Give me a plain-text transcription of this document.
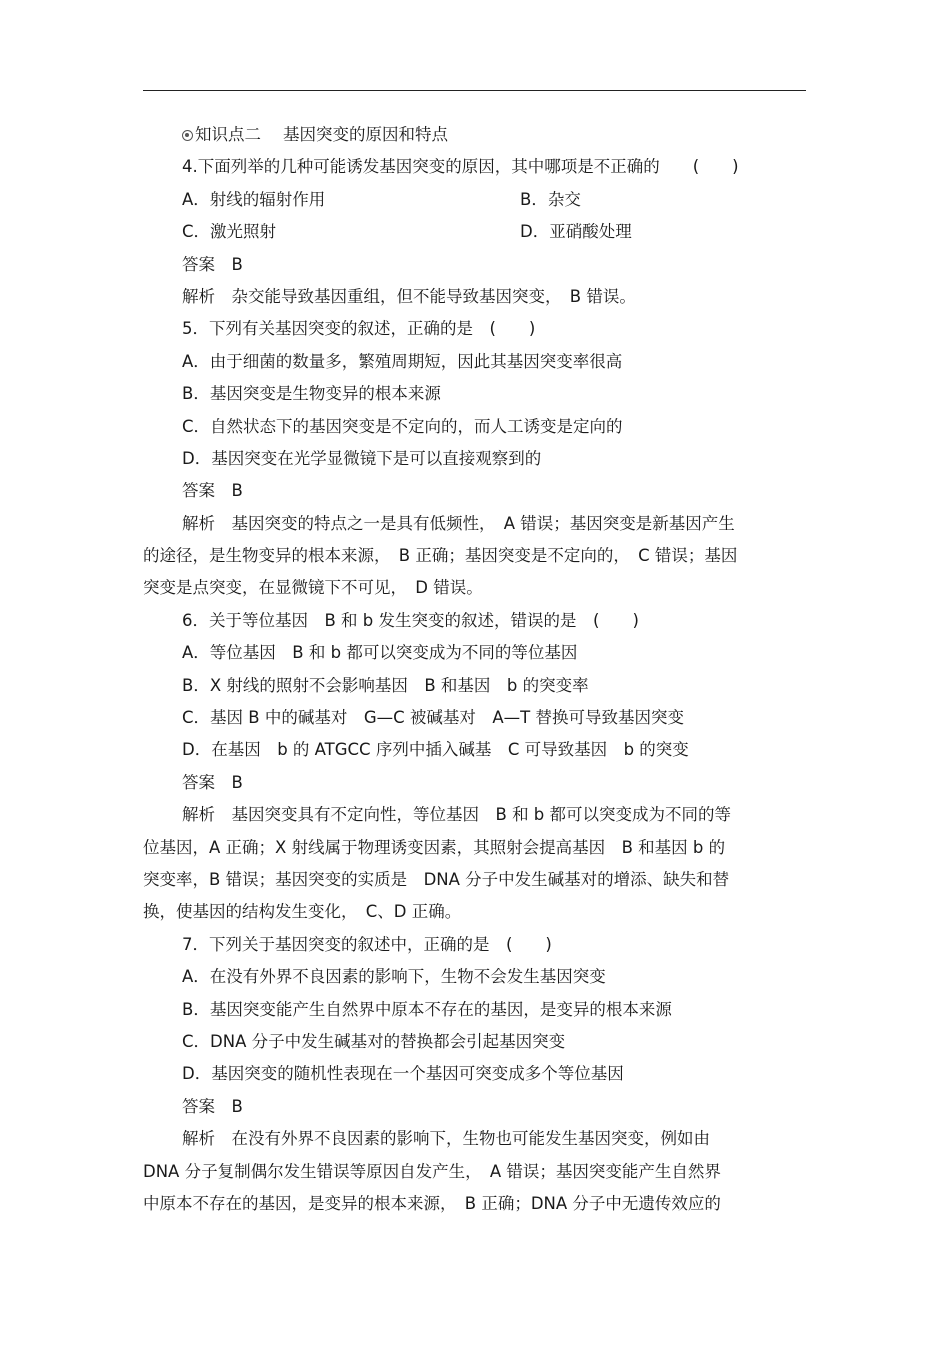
知识点二 基因突变的原因和特点
4.下面列举的几种可能诱发基因突变的原因，其中哪项是不正确的　　(　　)
A．射线的辐射作用	B．杂交
C．激光照射	D．亚硝酸处理
答案　B
解析　杂交能导致基因重组，但不能导致基因突变，　B 错误。
5．下列有关基因突变的叙述，正确的是　(　　)
A．由于细菌的数量多，繁殖周期短，因此其基因突变率很高
B．基因突变是生物变异的根本来源
C．自然状态下的基因突变是不定向的，而人工诱变是定向的
D．基因突变在光学显微镜下是可以直接观察到的
答案　B
解析　基因突变的特点之一是具有低频性，　A 错误；基因突变是新基因产生
的途径，是生物变异的根本来源，　B 正确；基因突变是不定向的，　C 错误；基因
突变是点突变，在显微镜下不可见，　D 错误。
6．关于等位基因　B 和 b 发生突变的叙述，错误的是　(　　)
A．等位基因　B 和 b 都可以突变成为不同的等位基因
B．X 射线的照射不会影响基因　B 和基因　b 的突变率
C．基因 B 中的碱基对　G—C 被碱基对　A—T 替换可导致基因突变
D．在基因　b 的 ATGCC 序列中插入碱基　C 可导致基因　b 的突变
答案　B
解析　基因突变具有不定向性，等位基因　B 和 b 都可以突变成为不同的等
位基因，A 正确；X 射线属于物理诱变因素，其照射会提高基因　B 和基因 b 的
突变率，B 错误；基因突变的实质是　DNA 分子中发生碱基对的增添、缺失和替
换，使基因的结构发生变化，　C、D 正确。
7．下列关于基因突变的叙述中，正确的是　(　　)
A．在没有外界不良因素的影响下，生物不会发生基因突变
B．基因突变能产生自然界中原本不存在的基因，是变异的根本来源
C．DNA 分子中发生碱基对的替换都会引起基因突变
D．基因突变的随机性表现在一个基因可突变成多个等位基因
答案　B
解析　在没有外界不良因素的影响下，生物也可能发生基因突变，例如由
DNA 分子复制偶尔发生错误等原因自发产生，　A 错误；基因突变能产生自然界
中原本不存在的基因，是变异的根本来源，　B 正确；DNA 分子中无遗传效应的
